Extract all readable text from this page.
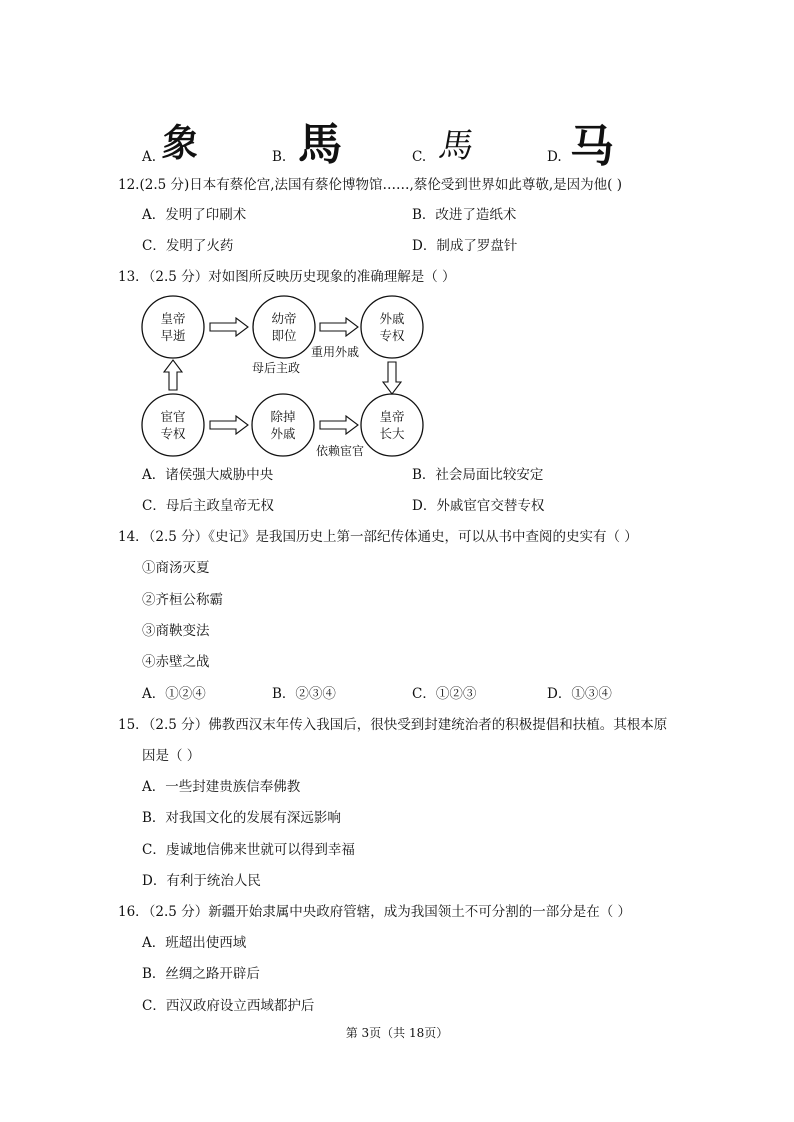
A. 象	B. 馬	C. 馬	D. 马
12.(2.5 分)日本有蔡伦宫,法国有蔡伦博物馆……,蔡伦受到世界如此尊敬,是因为他( )
A．发明了印刷术	B．改进了造纸术
C．发明了火药	D．制成了罗盘针
13．（2.5 分）对如图所反映历史现象的准确理解是（ ）
皇帝
早逝
幼帝
即位
外戚
专权
宦官
专权
除掉
外戚
皇帝
长大
母后主政
重用外戚
依赖宦官
A．诸侯强大威胁中央	B．社会局面比较安定
C．母后主政皇帝无权	D．外戚宦官交替专权
14．（2.5 分）《史记》是我国历史上第一部纪传体通史，可以从书中查阅的史实有（ ）
①商汤灭夏
②齐桓公称霸
③商鞅变法
④赤壁之战
A．①②④	B．②③④	C．①②③	D．①③④
15．（2.5 分）佛教西汉末年传入我国后，很快受到封建统治者的积极提倡和扶植。其根本原
因是（ ）
A．一些封建贵族信奉佛教
B．对我国文化的发展有深远影响
C．虔诚地信佛来世就可以得到幸福
D．有利于统治人民
16．（2.5 分）新疆开始隶属中央政府管辖，成为我国领土不可分割的一部分是在（ ）
A．班超出使西域
B．丝绸之路开辟后
C．西汉政府设立西域都护后
第 3页（共 18页）
